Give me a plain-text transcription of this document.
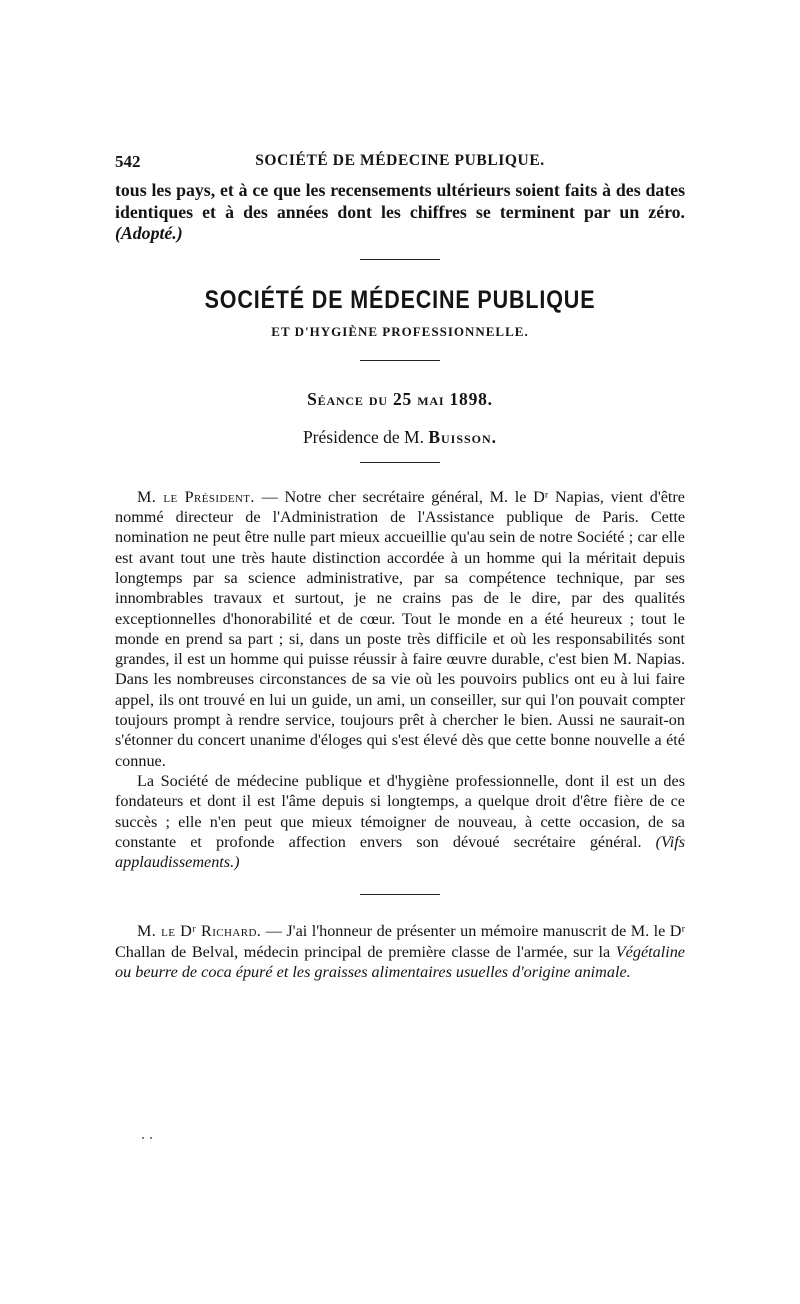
542	SOCIÉTÉ DE MÉDECINE PUBLIQUE.

tous les pays, et à ce que les recensements ultérieurs soient faits à des dates identiques et à des années dont les chiffres se terminent par un zéro. (Adopté.)

SOCIÉTÉ DE MÉDECINE PUBLIQUE
ET D'HYGIÈNE PROFESSIONNELLE.
Séance du 25 mai 1898.
Présidence de M. Buisson.

M. le Président. — Notre cher secrétaire général, M. le Dʳ Napias, vient d'être nommé directeur de l'Administration de l'Assistance publique de Paris. Cette nomination ne peut être nulle part mieux accueillie qu'au sein de notre Société ; car elle est avant tout une très haute distinction accordée à un homme qui la méritait depuis longtemps par sa science administrative, par sa compétence technique, par ses innombrables travaux et surtout, je ne crains pas de le dire, par des qualités exceptionnelles d'honorabilité et de cœur. Tout le monde en a été heureux ; tout le monde en prend sa part ; si, dans un poste très difficile et où les responsabilités sont grandes, il est un homme qui puisse réussir à faire œuvre durable, c'est bien M. Napias. Dans les nombreuses circonstances de sa vie où les pouvoirs publics ont eu à lui faire appel, ils ont trouvé en lui un guide, un ami, un conseiller, sur qui l'on pouvait compter toujours prompt à rendre service, toujours prêt à chercher le bien. Aussi ne saurait-on s'étonner du concert unanime d'éloges qui s'est élevé dès que cette bonne nouvelle a été connue.

La Société de médecine publique et d'hygiène professionnelle, dont il est un des fondateurs et dont il est l'âme depuis si longtemps, a quelque droit d'être fière de ce succès ; elle n'en peut que mieux témoigner de nouveau, à cette occasion, de sa constante et profonde affection envers son dévoué secrétaire général. (Vifs applaudissements.)

M. le Dʳ Richard. — J'ai l'honneur de présenter un mémoire manuscrit de M. le Dʳ Challan de Belval, médecin principal de première classe de l'armée, sur la Végétaline ou beurre de coca épuré et les graisses alimentaires usuelles d'origine animale.
